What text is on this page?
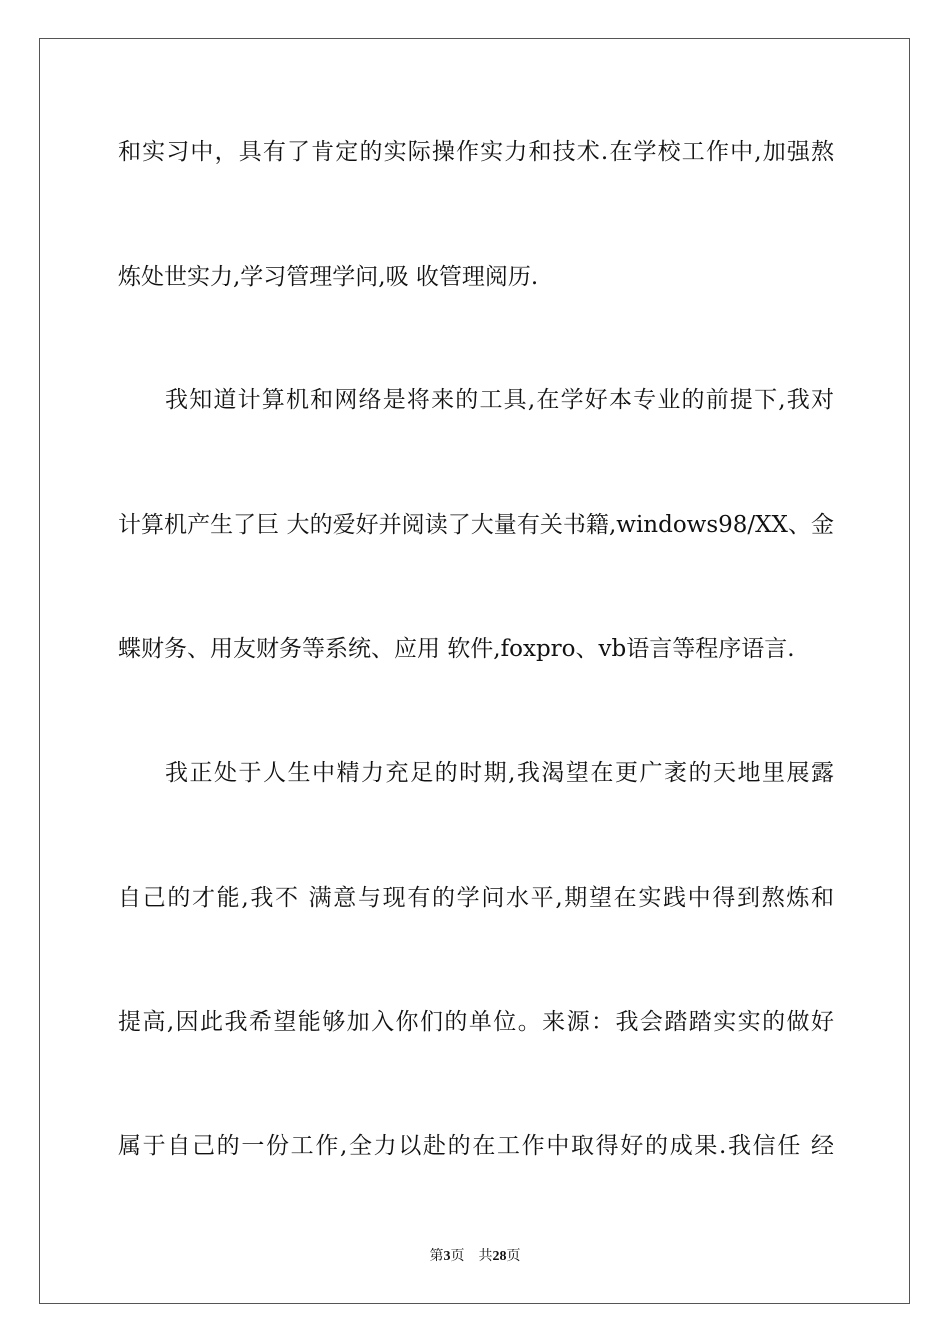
和实习中，具有了肯定的实际操作实力和技术.在学校工作中,加强熬
炼处世实力,学习管理学问,吸 收管理阅历.
我知道计算机和网络是将来的工具,在学好本专业的前提下,我对
计算机产生了巨 大的爱好并阅读了大量有关书籍,windows98/XX、金
蝶财务、用友财务等系统、应用 软件,foxpro、vb语言等程序语言.
我正处于人生中精力充足的时期,我渴望在更广袤的天地里展露
自己的才能,我不 满意与现有的学问水平,期望在实践中得到熬炼和
提高,因此我希望能够加入你们的单位。来源：我会踏踏实实的做好
属于自己的一份工作,全力以赴的在工作中取得好的成果.我信任 经
第3页 共28页
